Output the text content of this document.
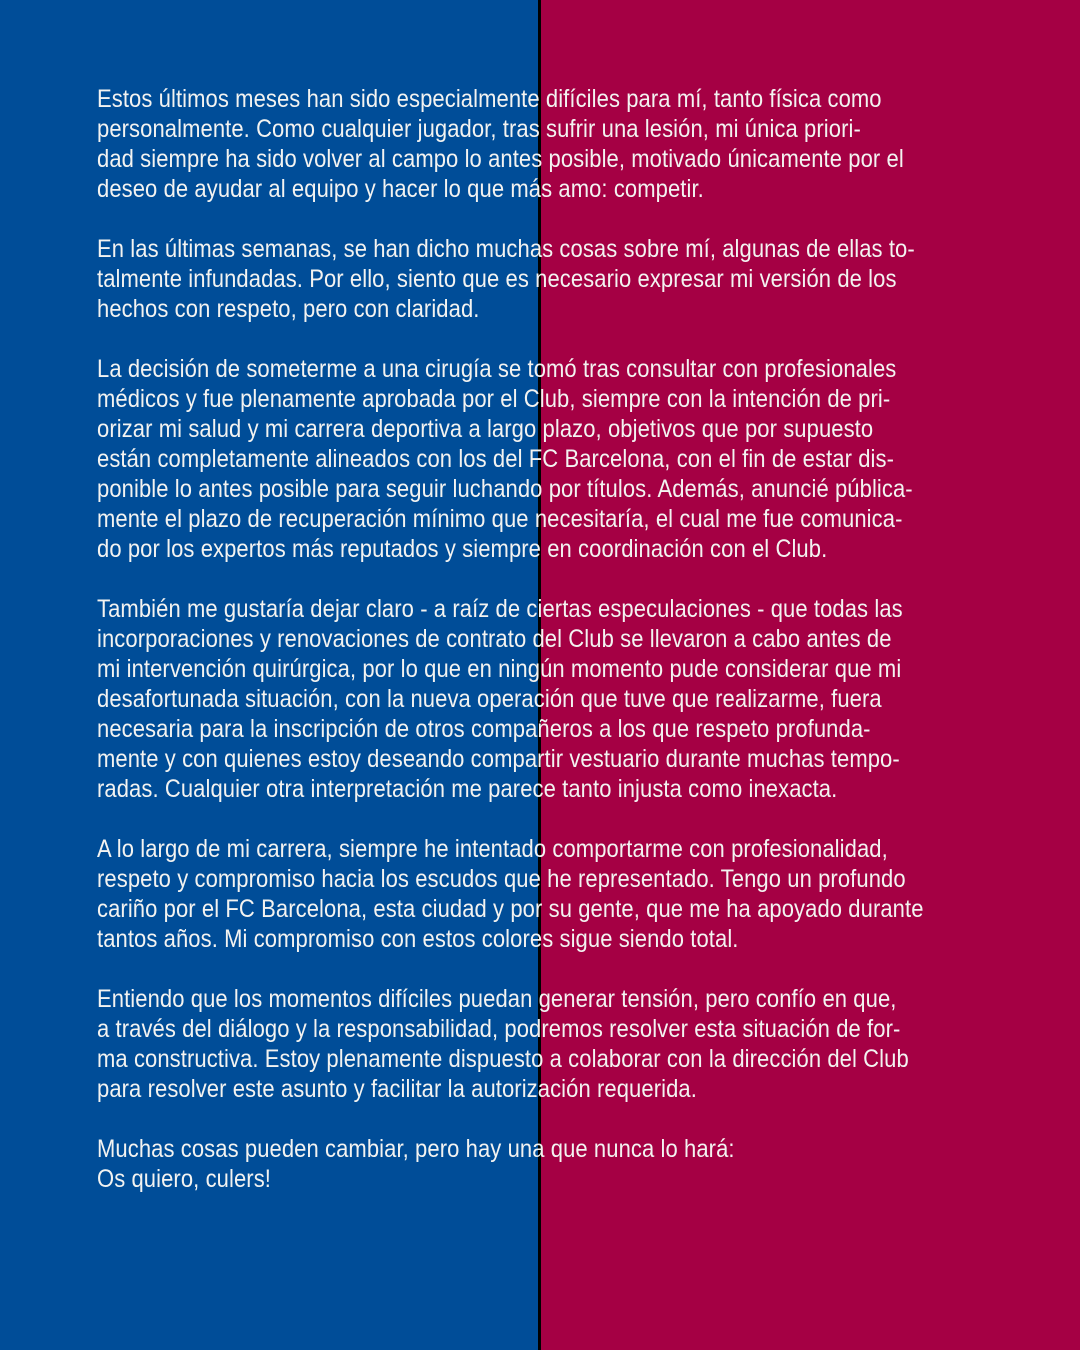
Estos últimos meses han sido especialmente difíciles para mí, tanto física como
personalmente. Como cualquier jugador, tras sufrir una lesión, mi única priori-
dad siempre ha sido volver al campo lo antes posible, motivado únicamente por el
deseo de ayudar al equipo y hacer lo que más amo: competir.
En las últimas semanas, se han dicho muchas cosas sobre mí, algunas de ellas to-
talmente infundadas. Por ello, siento que es necesario expresar mi versión de los
hechos con respeto, pero con claridad.
La decisión de someterme a una cirugía se tomó tras consultar con profesionales
médicos y fue plenamente aprobada por el Club, siempre con la intención de pri-
orizar mi salud y mi carrera deportiva a largo plazo, objetivos que por supuesto
están completamente alineados con los del FC Barcelona, con el fin de estar dis-
ponible lo antes posible para seguir luchando por títulos. Además, anuncié pública-
mente el plazo de recuperación mínimo que necesitaría, el cual me fue comunica-
do por los expertos más reputados y siempre en coordinación con el Club.
También me gustaría dejar claro - a raíz de ciertas especulaciones - que todas las
incorporaciones y renovaciones de contrato del Club se llevaron a cabo antes de
mi intervención quirúrgica, por lo que en ningún momento pude considerar que mi
desafortunada situación, con la nueva operación que tuve que realizarme, fuera
necesaria para la inscripción de otros compañeros a los que respeto profunda-
mente y con quienes estoy deseando compartir vestuario durante muchas tempo-
radas. Cualquier otra interpretación me parece tanto injusta como inexacta.
A lo largo de mi carrera, siempre he intentado comportarme con profesionalidad,
respeto y compromiso hacia los escudos que he representado. Tengo un profundo
cariño por el FC Barcelona, esta ciudad y por su gente, que me ha apoyado durante
tantos años. Mi compromiso con estos colores sigue siendo total.
Entiendo que los momentos difíciles puedan generar tensión, pero confío en que,
a través del diálogo y la responsabilidad, podremos resolver esta situación de for-
ma constructiva. Estoy plenamente dispuesto a colaborar con la dirección del Club
para resolver este asunto y facilitar la autorización requerida.
Muchas cosas pueden cambiar, pero hay una que nunca lo hará:
Os quiero, culers!
